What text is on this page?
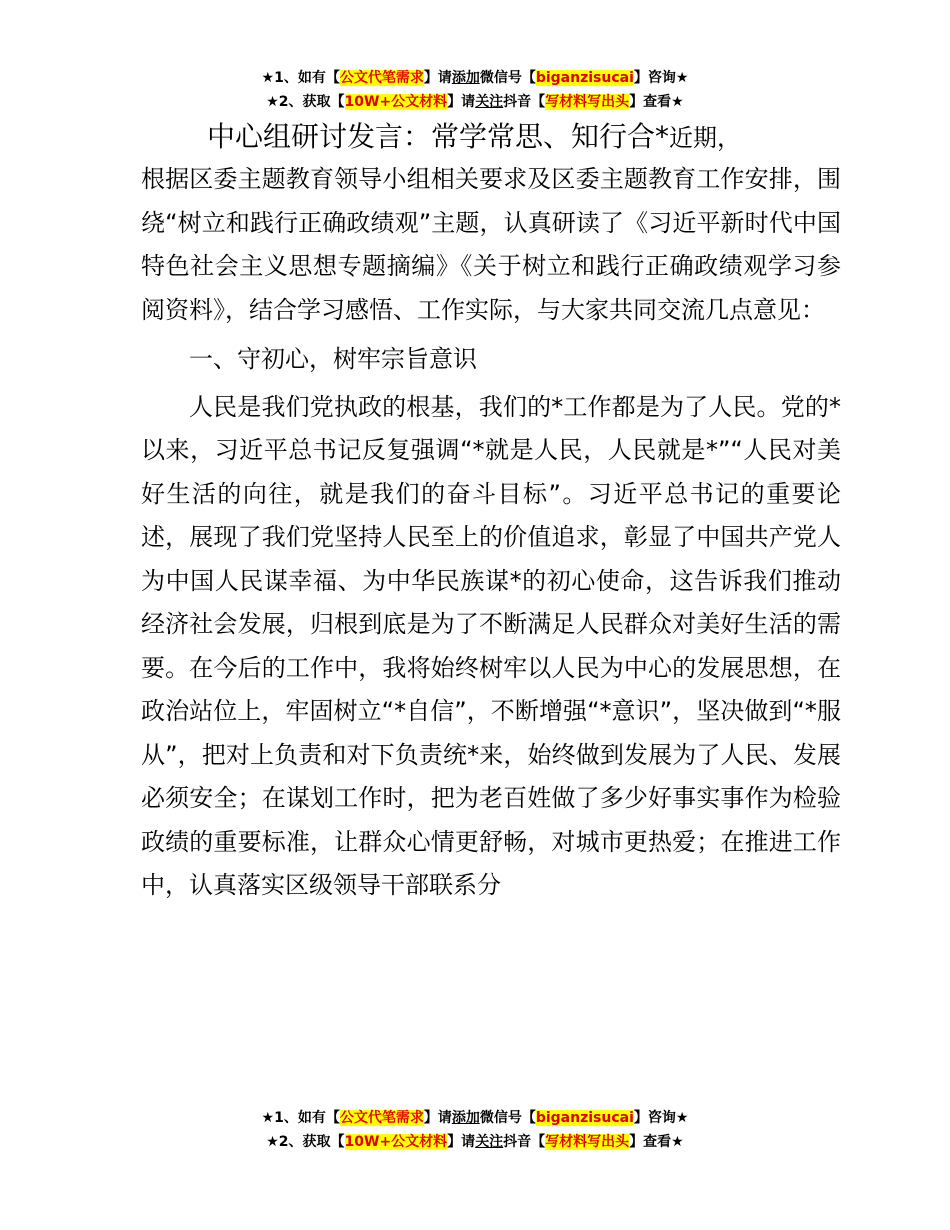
★1、如有【公文代笔需求】请添加微信号【biganzisucai】咨询★
★2、获取【10W+公文材料】请关注抖音【写材料写出头】查看★
中心组研讨发言：常学常思、知行合*近期，

根据区委主题教育领导小组相关要求及区委主题教育工作安排，围绕“树立和践行正确政绩观”主题，认真研读了《习近平新时代中国特色社会主义思想专题摘编》《关于树立和践行正确政绩观学习参阅资料》，结合学习感悟、工作实际，与大家共同交流几点意见：

一、守初心，树牢宗旨意识

人民是我们党执政的根基，我们的*工作都是为了人民。党的*以来，习近平总书记反复强调“*就是人民，人民就是*”“人民对美好生活的向往，就是我们的奋斗目标”。习近平总书记的重要论述，展现了我们党坚持人民至上的价值追求，彰显了中国共产党人为中国人民谋幸福、为中华民族谋*的初心使命，这告诉我们推动经济社会发展，归根到底是为了不断满足人民群众对美好生活的需要。在今后的工作中，我将始终树牢以人民为中心的发展思想，在政治站位上，牢固树立“*自信”，不断增强“*意识”，坚决做到“*服从”，把对上负责和对下负责统*来，始终做到发展为了人民、发展必须安全；在谋划工作时，把为老百姓做了多少好事实事作为检验政绩的重要标准，让群众心情更舒畅，对城市更热爱；在推进工作中，认真落实区级领导干部联系分

★1、如有【公文代笔需求】请添加微信号【biganzisucai】咨询★
★2、获取【10W+公文材料】请关注抖音【写材料写出头】查看★
